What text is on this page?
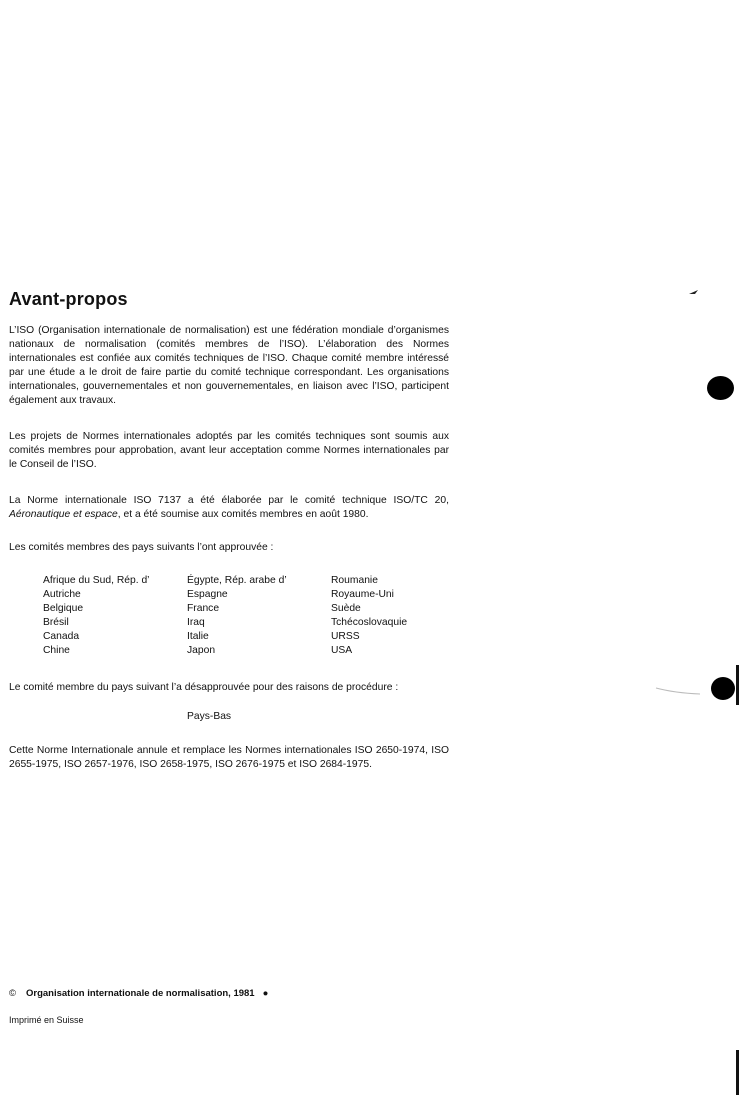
Avant-propos

L’ISO (Organisation internationale de normalisation) est une fédération mondiale d’organismes nationaux de normalisation (comités membres de l’ISO). L’élaboration des Normes internationales est confiée aux comités techniques de l’ISO. Chaque comité membre intéressé par une étude a le droit de faire partie du comité technique correspondant. Les organisations internationales, gouvernementales et non gouvernementales, en liaison avec l’ISO, participent également aux travaux.

Les projets de Normes internationales adoptés par les comités techniques sont soumis aux comités membres pour approbation, avant leur acceptation comme Normes internationales par le Conseil de l’ISO.

La Norme internationale ISO 7137 a été élaborée par le comité technique ISO/TC 20, Aéronautique et espace, et a été soumise aux comités membres en août 1980.

Les comités membres des pays suivants l’ont approuvée :

Afrique du Sud, Rép. d’
Autriche
Belgique
Brésil
Canada
Chine
Égypte, Rép. arabe d’
Espagne
France
Iraq
Italie
Japon
Roumanie
Royaume-Uni
Suède
Tchécoslovaquie
URSS
USA

Le comité membre du pays suivant l’a désapprouvée pour des raisons de procédure :

Pays-Bas

Cette Norme Internationale annule et remplace les Normes internationales ISO 2650-1974, ISO 2655-1975, ISO 2657-1976, ISO 2658-1975, ISO 2676-1975 et ISO 2684-1975.

© Organisation internationale de normalisation, 1981 ●
Imprimé en Suisse
